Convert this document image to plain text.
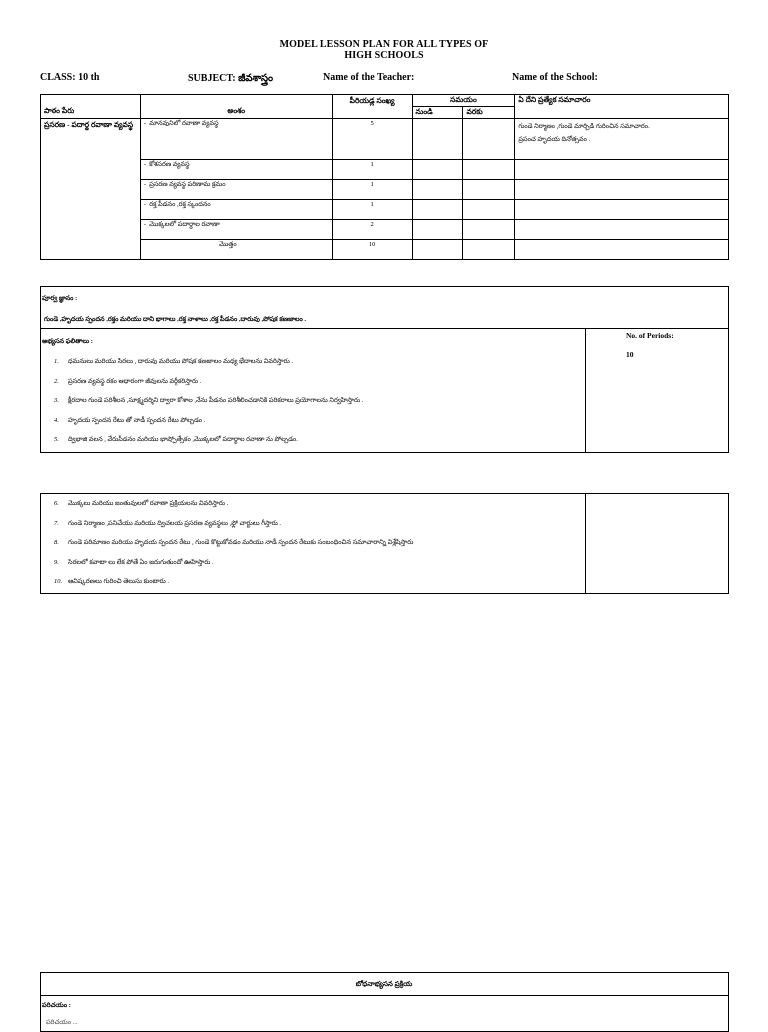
MODEL LESSON PLAN FOR ALL TYPES OF
HIGH SCHOOLS
CLASS: 10 th	SUBJECT: జీవశాస్త్రం	Name of the Teacher:	Name of the School:
పాఠం పేరు	అంశం	పీరియడ్ల సంఖ్య	సమయం		ఏ దేని ప్రత్యేక సమాచారం
			నుండి	వరకు	
ప్రసరణ - పదార్థ రవాణా వ్యవస్థ	-  మానవునిలో రవాణా వ్యవస్థ	5			గుండె నిర్మాణం ,గుండె మార్చిడి గురించిన సమాచారం.
ప్రపంచ హృదయ దినోత్సవం .

	-  కోశసరణ వ్యవస్థ	1			
	-  ప్రసరణ వ్యవస్థ పరిణామ క్రమం	1			
	-  రక్త పీడనం ,రక్త స్కందనం	1			
	-  మొక్కలలో పదార్థాల రవాణా	2			
	మొత్తం	10			
పూర్వ జ్ఞానం :
గుండె ,హృదయ స్పందన ,రక్తం మరియు దాని భాగాలు ,రక్త నాళాలు ,రక్త పీడనం ,దారువు ,పోషక కణజాలం .
అభ్యసన ఫలితాలు :
No. of Periods:
10
1. ధమనులు మరియు సిరలు , దారువు మరియు పోషక కణజాలం మధ్య భేదాలను వివరిస్తారు .
2. ప్రసరణ వ్యవస్థ రకం ఆధారంగా జీవులను వర్గీకరిస్తారు .
3. క్షీరదాల గుండె పరిశీలన ,సూక్ష్మదర్శిని ద్వారా కోశాల ,నేను పీడనం పరిశీలించడానికి పరికరాలు ప్రయోగాలను నిర్వహిస్తారు .
4. హృదయ స్పందన రేటు తో నాడీ స్పందన రేటు పోల్చడం .
5. ద్విభాజి వలన , వేరుపీడనం మరియు భాష్పోత్సేకం ,మొక్కలలో పదార్థాల రవాణా ను పోల్చడం.
6. మొక్కలు మరియు జంతువులలో రవాణా ప్రక్రియలను వివరిస్తారు .
7. గుండె నిర్మాణం ,పనిచేయు మరియు ద్విచలయ ప్రసరణ వ్యవస్థలు ,ఫ్లో చార్టులు గీస్తారు .
8. గుండె పరిమాణం మరియు హృదయ స్పందన రేటు , గుండె కొట్టుకోవడం మరియు నాడీ స్పందన రేటుకు సంబంధించిన సమాచారాన్ని విశ్లేషిస్తారు
9. సిరలలో కవాటా లు లేక పోతే ఏం జరుగుతుందో ఊహిస్తారు .
10. ఆవిష్కరణలు గురించి తెలుసు కుంటారు .
బోధనాభ్యసన ప్రక్రియ
పరిచయం :
పరిచయం ...
